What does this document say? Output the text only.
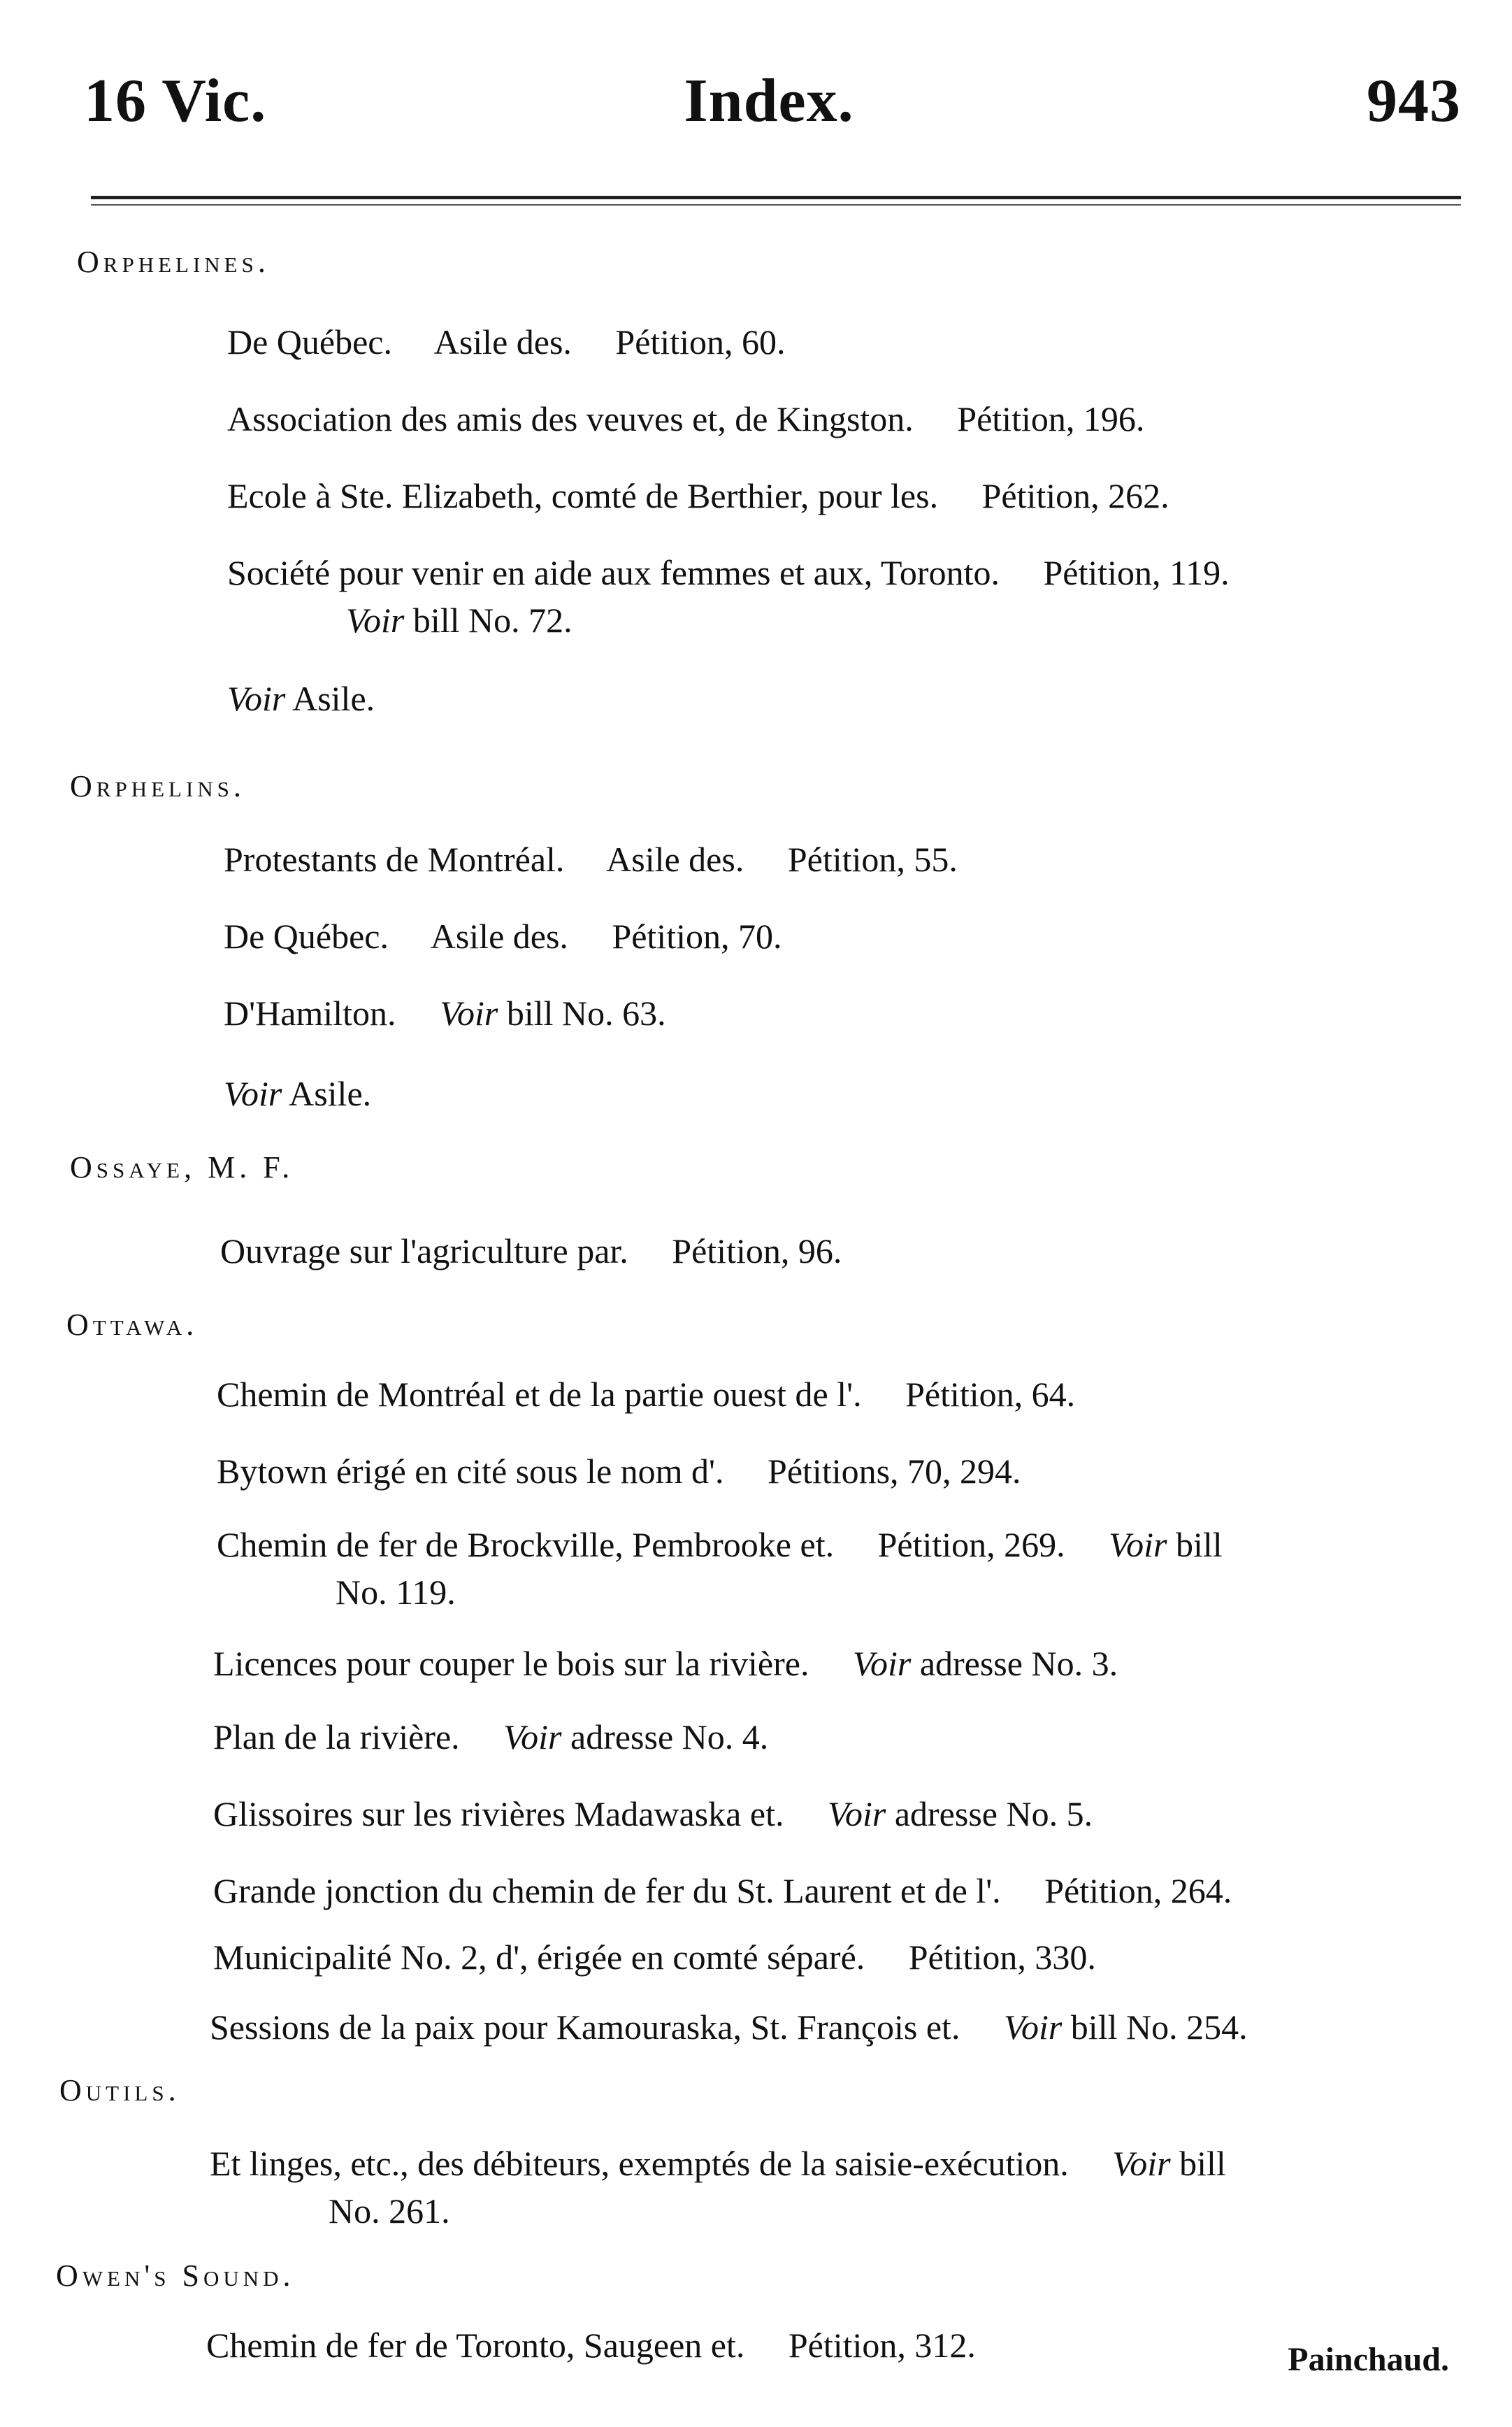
16 Vic.	Index.	943
Orphelines.
De Québec.  Asile des.  Pétition, 60.
Association des amis des veuves et, de Kingston.  Pétition, 196.
Ecole à Ste. Elizabeth, comté de Berthier, pour les.  Pétition, 262.
Société pour venir en aide aux femmes et aux, Toronto.  Pétition, 119.
Voir bill No. 72.
Voir Asile.
Orphelins.
Protestants de Montréal.  Asile des.  Pétition, 55.
De Québec.  Asile des.  Pétition, 70.
D'Hamilton.  Voir bill No. 63.
Voir Asile.
Ossaye, M. F.
Ouvrage sur l'agriculture par.  Pétition, 96.
Ottawa.
Chemin de Montréal et de la partie ouest de l'.  Pétition, 64.
Bytown érigé en cité sous le nom d'.  Pétitions, 70, 294.
Chemin de fer de Brockville, Pembrooke et.  Pétition, 269.  Voir bill
No. 119.
Licences pour couper le bois sur la rivière.  Voir adresse No. 3.
Plan de la rivière.  Voir adresse No. 4.
Glissoires sur les rivières Madawaska et.  Voir adresse No. 5.
Grande jonction du chemin de fer du St. Laurent et de l'.  Pétition, 264.
Municipalité No. 2, d', érigée en comté séparé.  Pétition, 330.
Sessions de la paix pour Kamouraska, St. François et.  Voir bill No. 254.
Outils.
Et linges, etc., des débiteurs, exemptés de la saisie-exécution.  Voir bill
No. 261.
Owen's Sound.
Chemin de fer de Toronto, Saugeen et.  Pétition, 312.	Painchaud.
